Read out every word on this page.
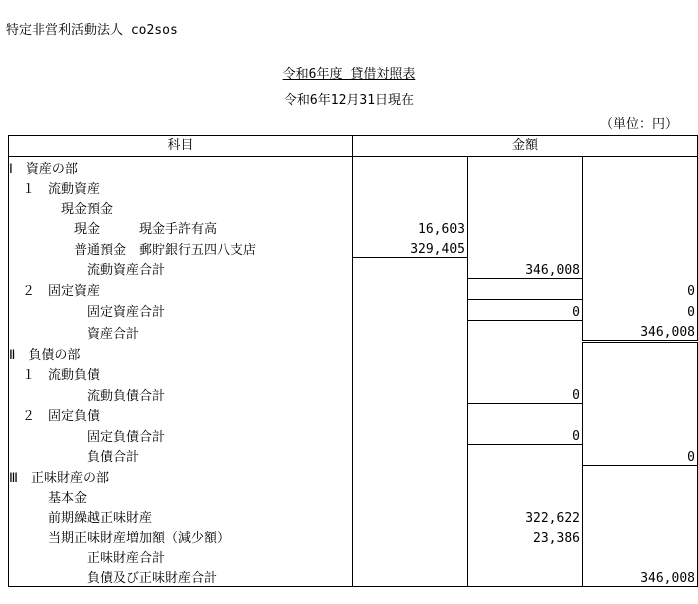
特定非営利活動法人 co2sos
令和6年度 貸借対照表
令和6年12月31日現在
（単位：円）
科目	金額		
Ⅰ　資産の部			
　１　流動資産			
　　　　現金預金			
　　　　　現金　　　現金手許有高	16,603		
　　　　　普通預金　郵貯銀行五四八支店	329,405		
　　　　　　流動資産合計		346,008	
　２　固定資産			0
　　　　　　固定資産合計		0	0
　　　　　　資産合計			346,008
Ⅱ　負債の部			
　１　流動負債			
　　　　　　流動負債合計		0	
　２　固定負債			
　　　　　　固定負債合計		0	
　　　　　　負債合計			0
Ⅲ　正味財産の部			
　　　基本金			
　　　前期繰越正味財産		322,622	
　　　当期正味財産増加額（減少額）		23,386	
　　　　　　正味財産合計			
　　　　　　負債及び正味財産合計			346,008
